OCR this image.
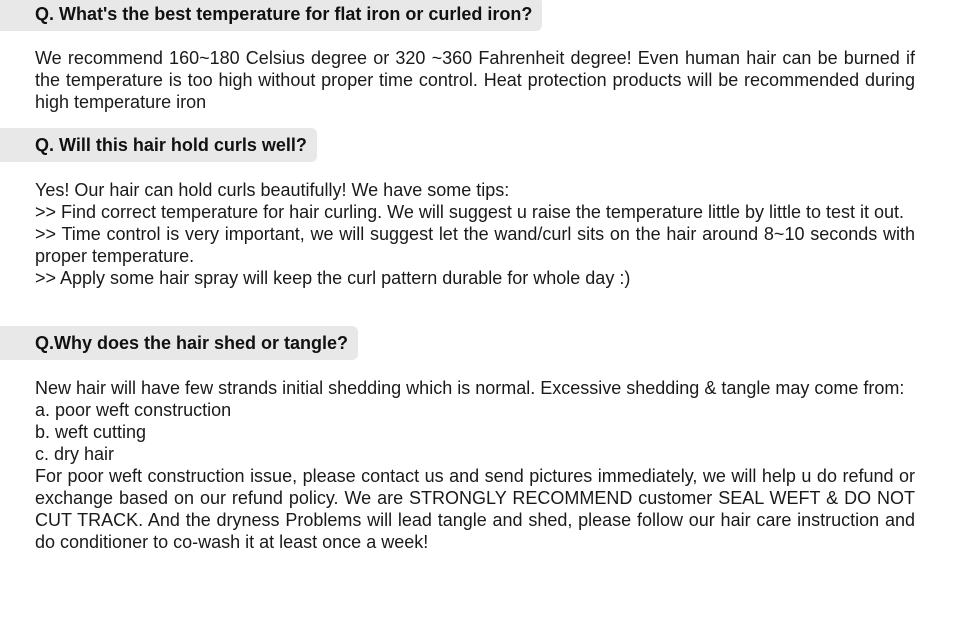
Q. What's the best temperature for flat iron or curled iron?

We recommend 160~180 Celsius degree or 320 ~360 Fahrenheit degree! Even human hair can be burned if the temperature is too high without proper time control. Heat protection products will be recommended during high temperature iron

Q. Will this hair hold curls well?

Yes! Our hair can hold curls beautifully! We have some tips:

>> Find correct temperature for hair curling. We will suggest u raise the temperature little by little to test it out.
>> Time control is very important, we will suggest let the wand/curl sits on the hair around 8~10 seconds with proper temperature.
>> Apply some hair spray will keep the curl pattern durable for whole day :)
Q.Why does the hair shed or tangle?

New hair will have few strands initial shedding which is normal. Excessive shedding & tangle may come from:

a. poor weft construction
b. weft cutting
c. dry hair

For poor weft construction issue, please contact us and send pictures immediately, we will help u do refund or exchange based on our refund policy. We are STRONGLY RECOMMEND customer SEAL WEFT & DO NOT CUT TRACK. And the dryness Problems will lead tangle and shed, please follow our hair care instruction and do conditioner to co-wash it at least once a week!
